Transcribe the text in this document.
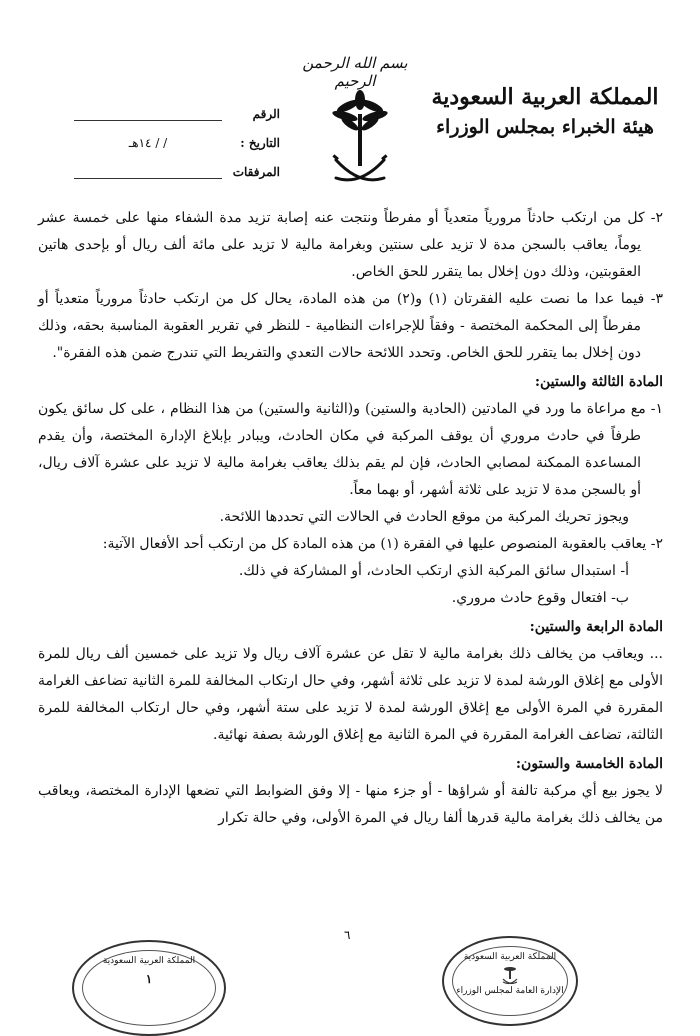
بسم الله الرحمن الرحيم
المملكة العربية السعودية
هيئة الخبراء بمجلس الوزراء
الرقم
التاريخ :
/ / ١٤هـ
المرفقات

٢- كل من ارتكب حادثاً مرورياً متعدياً أو مفرطاً ونتجت عنه إصابة تزيد مدة الشفاء منها على خمسة عشر يوماً، يعاقب بالسجن مدة لا تزيد على سنتين وبغرامة مالية لا تزيد على مائة ألف ريال أو بإحدى هاتين العقوبتين، وذلك دون إخلال بما يتقرر للحق الخاص.

٣- فيما عدا ما نصت عليه الفقرتان (١) و(٢) من هذه المادة، يحال كل من ارتكب حادثاً مرورياً متعدياً أو مفرطاً إلى المحكمة المختصة - وفقاً للإجراءات النظامية - للنظر في تقرير العقوبة المناسبة بحقه، وذلك دون إخلال بما يتقرر للحق الخاص. وتحدد اللائحة حالات التعدي والتفريط التي تندرج ضمن هذه الفقرة".

المادة الثالثة والستين:

١- مع مراعاة ما ورد في المادتين (الحادية والستين) و(الثانية والستين) من هذا النظام ، على كل سائق يكون طرفاً في حادث مروري أن يوقف المركبة في مكان الحادث، ويبادر بإبلاغ الإدارة المختصة، وأن يقدم المساعدة الممكنة لمصابي الحادث، فإن لم يقم بذلك يعاقب بغرامة مالية لا تزيد على عشرة آلاف ريال، أو بالسجن مدة لا تزيد على ثلاثة أشهر، أو بهما معاً.

ويجوز تحريك المركبة من موقع الحادث في الحالات التي تحددها اللائحة.

٢- يعاقب بالعقوبة المنصوص عليها في الفقرة (١) من هذه المادة كل من ارتكب أحد الأفعال الآتية:

أ- استبدال سائق المركبة الذي ارتكب الحادث، أو المشاركة في ذلك.

ب- افتعال وقوع حادث مروري.

المادة الرابعة والستين:

... ويعاقب من يخالف ذلك بغرامة مالية لا تقل عن عشرة آلاف ريال ولا تزيد على خمسين ألف ريال للمرة الأولى مع إغلاق الورشة لمدة لا تزيد على ثلاثة أشهر، وفي حال ارتكاب المخالفة للمرة الثانية تضاعف الغرامة المقررة في المرة الأولى مع إغلاق الورشة لمدة لا تزيد على ستة أشهر، وفي حال ارتكاب المخالفة للمرة الثالثة، تضاعف الغرامة المقررة في المرة الثانية مع إغلاق الورشة بصفة نهائية.

المادة الخامسة والستون:

لا يجوز بيع أي مركبة تالفة أو شراؤها - أو جزء منها - إلا وفق الضوابط التي تضعها الإدارة المختصة، ويعاقب من يخالف ذلك بغرامة مالية قدرها ألفا ريال في المرة الأولى، وفي حالة تكرار

٦
المملكة العربية السعودية
١
المملكة العربية السعودية
الإدارة العامة لمجلس الوزراء
